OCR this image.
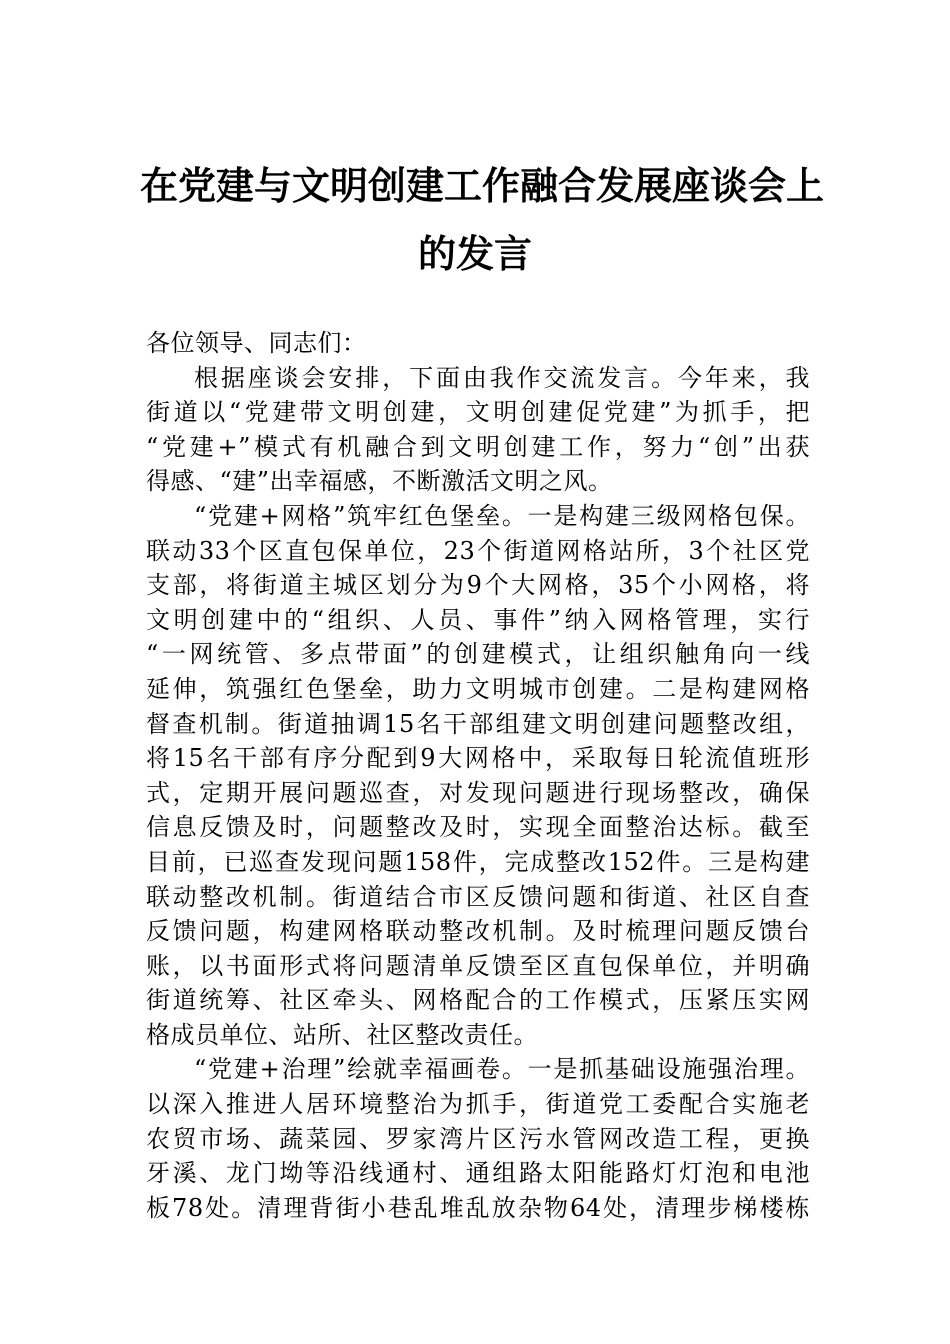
在党建与文明创建工作融合发展座谈会上
的发言
各位领导、同志们：
根据座谈会安排，下面由我作交流发言。今年来，我
街道以“党建带文明创建，文明创建促党建”为抓手，把
“党建+”模式有机融合到文明创建工作，努力“创”出获
得感、“建”出幸福感，不断激活文明之风。
“党建+网格”筑牢红色堡垒。一是构建三级网格包保。
联动33个区直包保单位，23个街道网格站所，3个社区党
支部，将街道主城区划分为9个大网格，35个小网格，将
文明创建中的“组织、人员、事件”纳入网格管理，实行
“一网统管、多点带面”的创建模式，让组织触角向一线
延伸，筑强红色堡垒，助力文明城市创建。二是构建网格
督查机制。街道抽调15名干部组建文明创建问题整改组，
将15名干部有序分配到9大网格中，采取每日轮流值班形
式，定期开展问题巡查，对发现问题进行现场整改，确保
信息反馈及时，问题整改及时，实现全面整治达标。截至
目前，已巡查发现问题158件，完成整改152件。三是构建
联动整改机制。街道结合市区反馈问题和街道、社区自查
反馈问题，构建网格联动整改机制。及时梳理问题反馈台
账，以书面形式将问题清单反馈至区直包保单位，并明确
街道统筹、社区牵头、网格配合的工作模式，压紧压实网
格成员单位、站所、社区整改责任。
“党建+治理”绘就幸福画卷。一是抓基础设施强治理。
以深入推进人居环境整治为抓手，街道党工委配合实施老
农贸市场、蔬菜园、罗家湾片区污水管网改造工程，更换
牙溪、龙门坳等沿线通村、通组路太阳能路灯灯泡和电池
板78处。清理背街小巷乱堆乱放杂物64处，清理步梯楼栋
